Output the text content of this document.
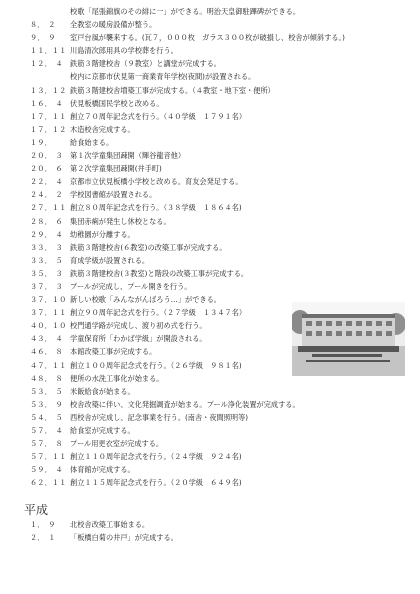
校歌「尾張錦旗のその緋に一」ができる。明治天皇御駐蹕碑ができる。
８．　２	全教室の暖房設備が整う。
９．　９	室戸台風が襲来する。(瓦７，０００枚　ガラス３００枚が破損し、校舎が傾斜する。)
１１．１１ 川島清次郎用具の学校葬を行う。
１２．　４ 鉄筋３階建校舎（９教室）と講堂が完成する。
校内に京都市伏見第一商業青年学校(夜間)が設置される。
１３．１２ 鉄筋３階建校舎増築工事が完成する。（４教室・地下室・便所）
１６．　４ 伏見板橋国民学校と改める。
１７．１１ 創立７０周年記念式を行う。（４０学級　１７９１名）
１７．１２ 木造校舎完成する。
１９．	給食始まる。
２０．　３ 第１次学童集団疎開（輝谷龍音他）
２０．　６ 第２次学童集団疎開(井手町)
２２．　４ 京都市立伏見板橋小学校と改める。育友会発足する。
２４．　２ 学校図書館が設置される。
２７．１１ 創立８０周年記念式を行う。（３８学級　１８６４名)
２８．　６ 集団赤痢が発生し休校となる。
２９．　４ 幼稚園が分離する。
３３．　３ 鉄筋３階建校舎(６教室)の改築工事が完成する。
３３．　５ 育成学級が設置される。
３５．　３ 鉄筋３階建校舎(３教室)と階段の改築工事が完成する。
３７．　３ プールが完成し、プール開きを行う。
３７．１０ 新しい校歌「みんながんばろう…」ができる。
３７．１１ 創立９０周年記念式を行う。（２７学級　１３４７名）
４０．１０ 校門通学路が完成し、渡り初め式を行う。
４３．　４ 学童保育所「わかば学級」が開設される。
４６．　８ 本館改築工事が完成する。
４７．１１ 創立１００周年記念式を行う。（２６学級　９８１名)
４８．　８ 便所の水洗工事化が始まる。
５３．　５ 米飯給食が始まる。
５３．　９ 校舎改築に伴い、文化発掘調査が始まる。プール浄化装置が完成する。
５４．　５ 西校舎が完成し、記念事業を行う。(南舎・夜間照明等)
５７．　４ 給食室が完成する。
５７．　８ プール用更衣室が完成する。
５７．１１ 創立１１０周年記念式を行う。（２４学級　９２４名)
５９．　４ 体育館が完成する。
６２．１１ 創立１１５周年記念式を行う。（２０学級　６４９名)
平成
１．　９	北校舎改築工事始まる。
２．　１	「板橋白菊の井戸」が完成する。
